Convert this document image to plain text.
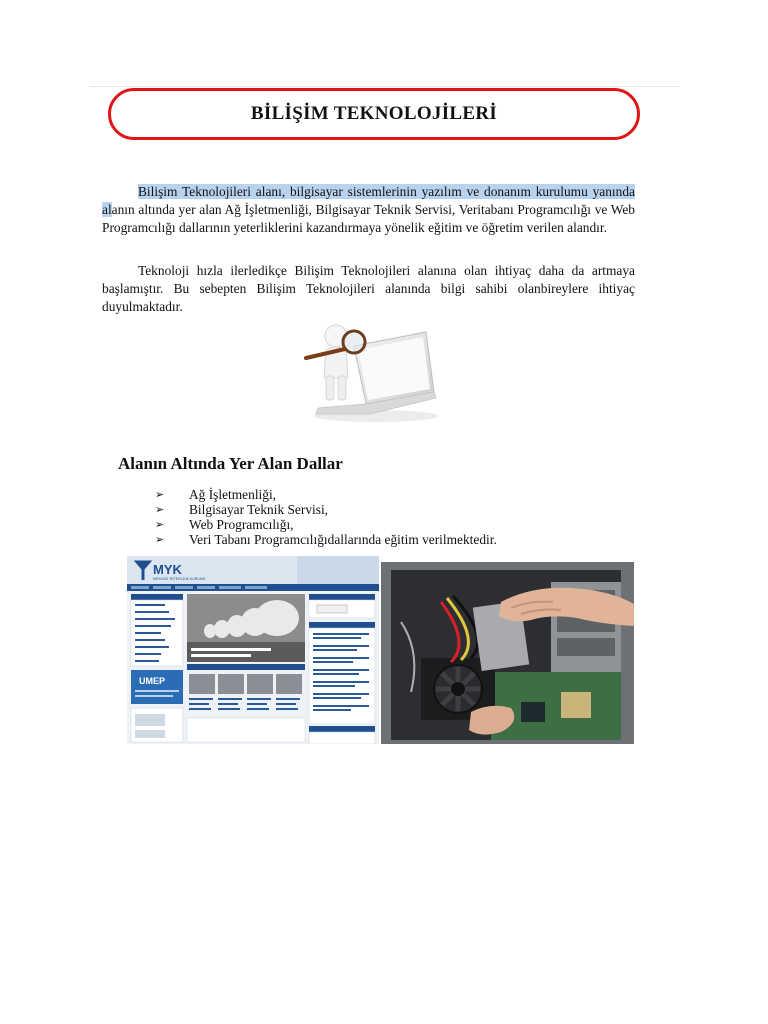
BİLİŞİM TEKNOLOJİLERİ
Bilişim Teknolojileri alanı, bilgisayar sistemlerinin yazılım ve donanım kurulumu yanında alanın altında yer alan Ağ İşletmenliği, Bilgisayar Teknik Servisi, Veritabanı Programcılığı ve Web Programcılığı dallarının yeterliklerini kazandırmaya yönelik eğitim ve öğretim verilen alandır.
Teknoloji hızla ilerledikçe Bilişim Teknolojileri alanına olan ihtiyaç daha da artmaya başlamıştır. Bu sebepten Bilişim Teknolojileri alanında bilgi sahibi olanbireylere ihtiyaç duyulmaktadır.
Alanın Altında Yer Alan Dallar
➢	Ağ İşletmenliği,
➢	Bilgisayar Teknik Servisi,
➢	Web Programcılığı,
➢	Veri Tabanı Programcılığıdallarında eğitim verilmektedir.
MYK
MESLEKİ YETERLİLİK KURUMU
UMEP
